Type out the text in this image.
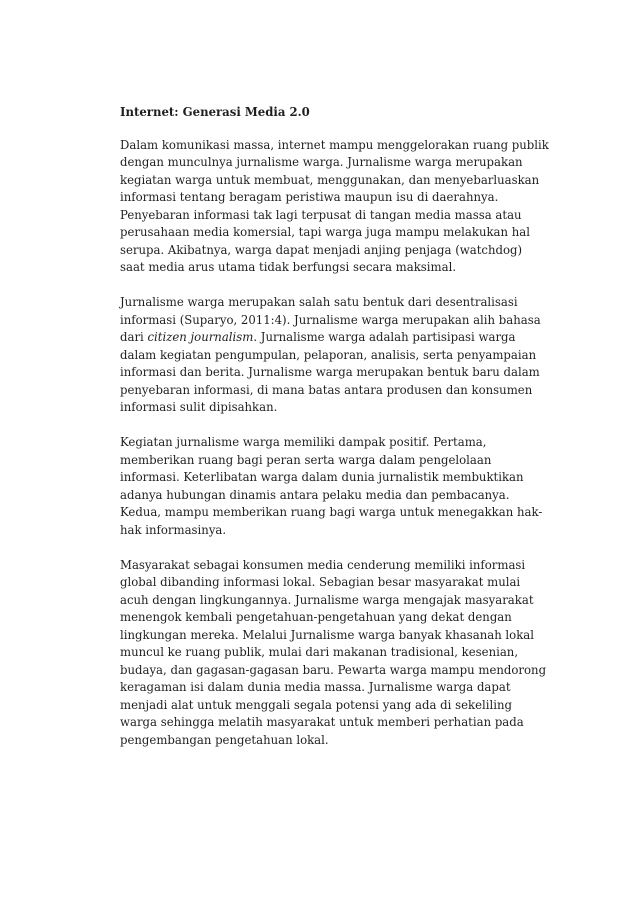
Internet: Generasi Media 2.0

Dalam komunikasi massa, internet mampu menggelorakan ruang publik dengan munculnya jurnalisme warga. Jurnalisme warga merupakan kegiatan warga untuk membuat, menggunakan, dan menyebarluaskan informasi tentang beragam peristiwa maupun isu di daerahnya. Penyebaran informasi tak lagi terpusat di tangan media massa atau perusahaan media komersial, tapi warga juga mampu melakukan hal serupa. Akibatnya, warga dapat menjadi anjing penjaga (watchdog) saat media arus utama tidak berfungsi secara maksimal.

Jurnalisme warga merupakan salah satu bentuk dari desentralisasi informasi (Suparyo, 2011:4). Jurnalisme warga merupakan alih bahasa dari citizen journalism. Jurnalisme warga adalah partisipasi warga dalam kegiatan pengumpulan, pelaporan, analisis, serta penyampaian informasi dan berita. Jurnalisme warga merupakan bentuk baru dalam penyebaran informasi, di mana batas antara produsen dan konsumen informasi sulit dipisahkan.

Kegiatan jurnalisme warga memiliki dampak positif. Pertama, memberikan ruang bagi peran serta warga dalam pengelolaan informasi. Keterlibatan warga dalam dunia jurnalistik membuktikan adanya hubungan dinamis antara pelaku media dan pembacanya. Kedua, mampu memberikan ruang bagi warga untuk menegakkan hak-hak informasinya.

Masyarakat sebagai konsumen media cenderung memiliki informasi global dibanding informasi lokal. Sebagian besar masyarakat mulai acuh dengan lingkungannya. Jurnalisme warga mengajak masyarakat menengok kembali pengetahuan-pengetahuan yang dekat dengan lingkungan mereka. Melalui Jurnalisme warga banyak khasanah lokal muncul ke ruang publik, mulai dari makanan tradisional, kesenian, budaya, dan gagasan-gagasan baru. Pewarta warga mampu mendorong keragaman isi dalam dunia media massa. Jurnalisme warga dapat menjadi alat untuk menggali segala potensi yang ada di sekeliling warga sehingga melatih masyarakat untuk memberi perhatian pada pengembangan pengetahuan lokal.
